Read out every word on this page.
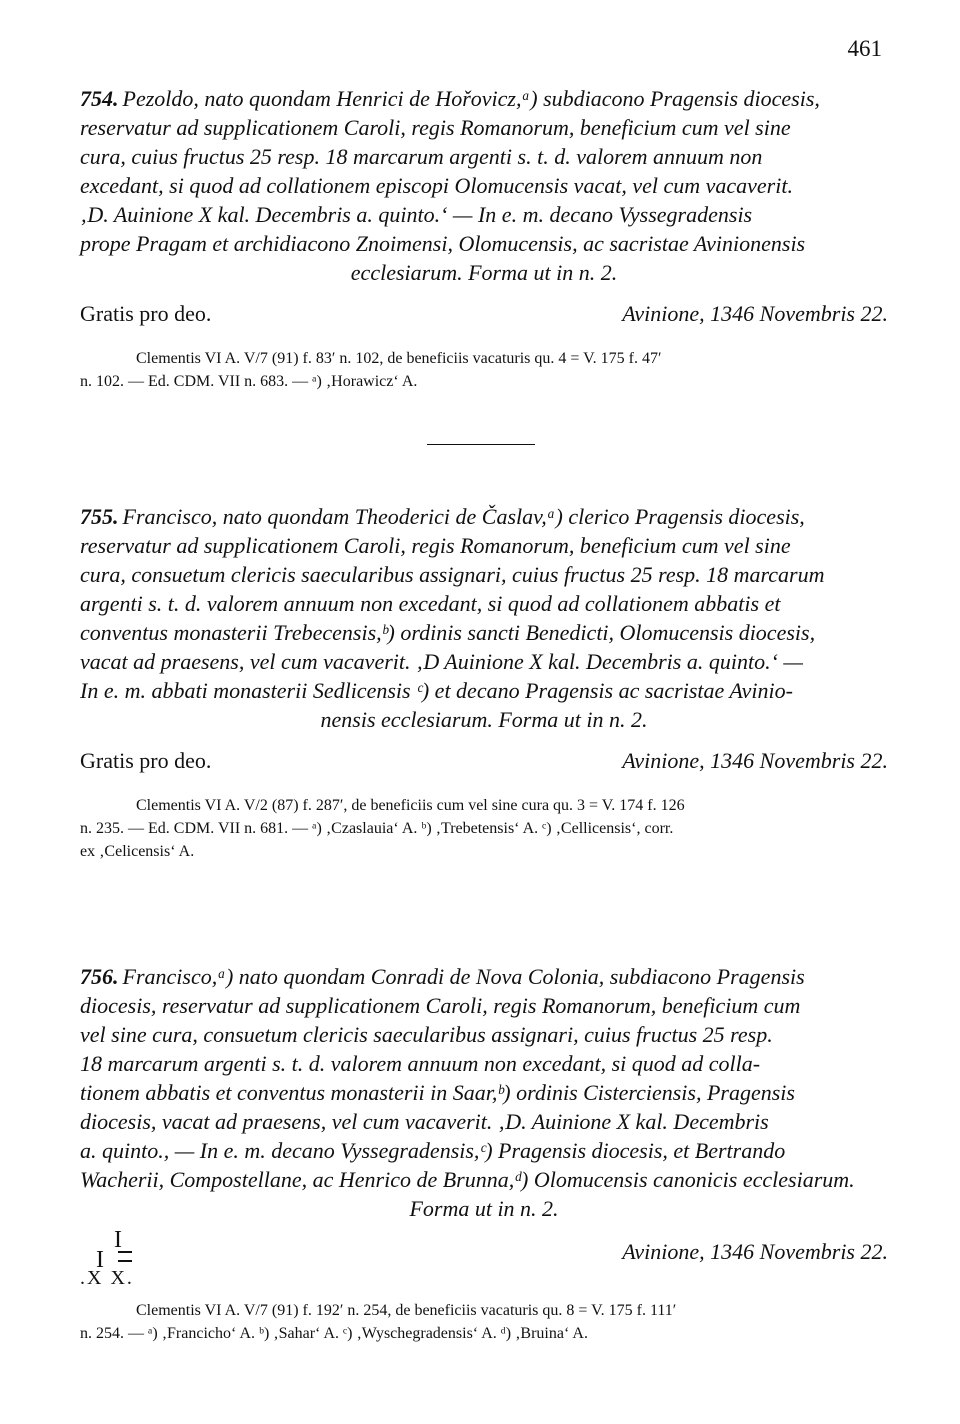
461
754. Pezoldo, nato quondam Henrici de Hořovicz,ᵃ) subdiacono Pragensis diocesis,
reservatur ad supplicationem Caroli, regis Romanorum, beneficium cum vel sine
cura, cuius fructus 25 resp. 18 marcarum argenti s. t. d. valorem annuum non
excedant, si quod ad collationem episcopi Olomucensis vacat, vel cum vacaverit.
‚D. Auinione X kal. Decembris a. quinto.‘ — In e. m. decano Vyssegradensis
prope Pragam et archidiacono Znoimensi, Olomucensis, ac sacristae Avinionensis
ecclesiarum. Forma ut in n. 2.
Gratis pro deo.	Avinione, 1346 Novembris 22.
Clementis VI A. V/7 (91) f. 83′ n. 102, de beneficiis vacaturis qu. 4 = V. 175 f. 47′
n. 102. — Ed. CDM. VII n. 683. — ᵃ) ‚Horawicz‘ A.
755. Francisco, nato quondam Theoderici de Časlav,ᵃ) clerico Pragensis diocesis,
reservatur ad supplicationem Caroli, regis Romanorum, beneficium cum vel sine
cura, consuetum clericis saecularibus assignari, cuius fructus 25 resp. 18 marcarum
argenti s. t. d. valorem annuum non excedant, si quod ad collationem abbatis et
conventus monasterii Trebecensis,ᵇ) ordinis sancti Benedicti, Olomucensis diocesis,
vacat ad praesens, vel cum vacaverit. ‚D Auinione X kal. Decembris a. quinto.‘ —
In e. m. abbati monasterii Sedlicensis ᶜ) et decano Pragensis ac sacristae Avinio-
nensis ecclesiarum. Forma ut in n. 2.
Gratis pro deo.	Avinione, 1346 Novembris 22.
Clementis VI A. V/2 (87) f. 287′, de beneficiis cum vel sine cura qu. 3 = V. 174 f. 126
n. 235. — Ed. CDM. VII n. 681. — ᵃ) ‚Czaslauia‘ A. ᵇ) ‚Trebetensis‘ A. ᶜ) ‚Cellicensis‘, corr.
ex ‚Celicensis‘ A.
756. Francisco,ᵃ) nato quondam Conradi de Nova Colonia, subdiacono Pragensis
diocesis, reservatur ad supplicationem Caroli, regis Romanorum, beneficium cum
vel sine cura, consuetum clericis saecularibus assignari, cuius fructus 25 resp.
18 marcarum argenti s. t. d. valorem annuum non excedant, si quod ad colla-
tionem abbatis et conventus monasterii in Saar,ᵇ) ordinis Cisterciensis, Pragensis
diocesis, vacat ad praesens, vel cum vacaverit. ‚D. Auinione X kal. Decembris
a. quinto., — In e. m. decano Vyssegradensis,ᶜ) Pragensis diocesis, et Bertrando
Wacherii, Compostellane, ac Henrico de Brunna,ᵈ) Olomucensis canonicis ecclesiarum.
Forma ut in n. 2.
I
I
.X X.
Avinione, 1346 Novembris 22.
Clementis VI A. V/7 (91) f. 192′ n. 254, de beneficiis vacaturis qu. 8 = V. 175 f. 111′
n. 254. — ᵃ) ‚Francicho‘ A. ᵇ) ‚Sahar‘ A. ᶜ) ‚Wyschegradensis‘ A. ᵈ) ‚Bruina‘ A.
